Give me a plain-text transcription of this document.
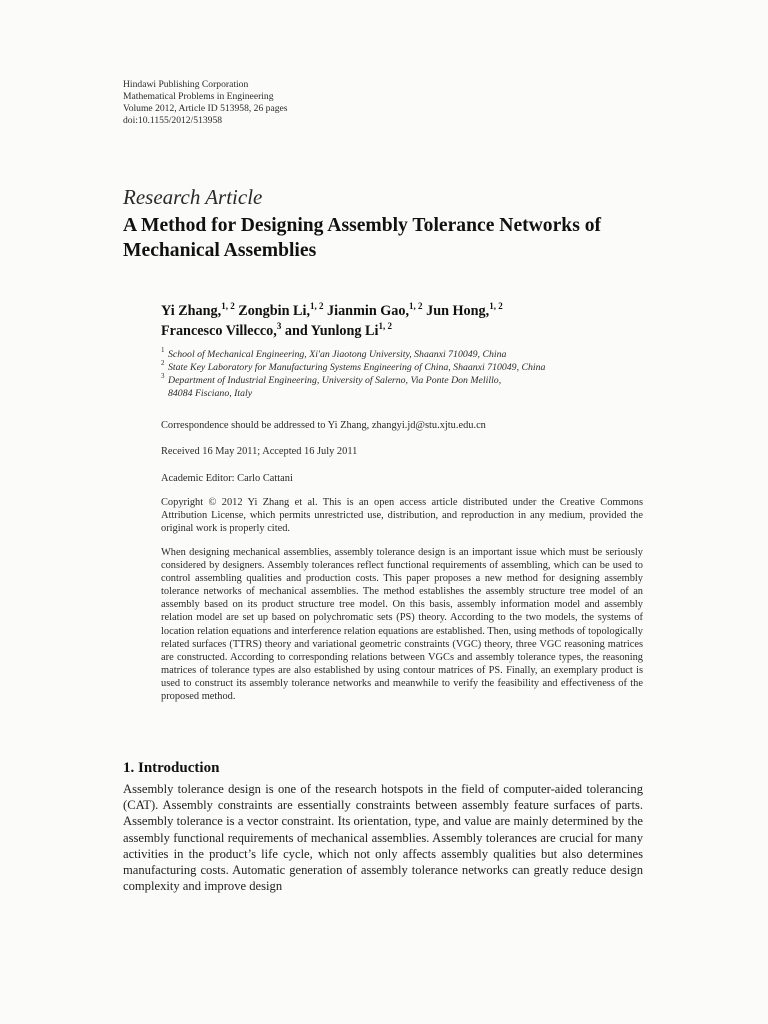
Hindawi Publishing Corporation
Mathematical Problems in Engineering
Volume 2012, Article ID 513958, 26 pages
doi:10.1155/2012/513958
Research Article
A Method for Designing Assembly Tolerance Networks of Mechanical Assemblies
Yi Zhang,$^{1, 2}$ Zongbin Li,$^{1, 2}$ Jianmin Gao,$^{1, 2}$ Jun Hong,$^{1, 2}$
Francesco Villecco,$^3$ and Yunlong Li$^{1, 2}$
1 School of Mechanical Engineering, Xi'an Jiaotong University, Shaanxi 710049, China
2 State Key Laboratory for Manufacturing Systems Engineering of China, Shaanxi 710049, China
3 Department of Industrial Engineering, University of Salerno, Via Ponte Don Melillo,
84084 Fisciano, Italy
Correspondence should be addressed to Yi Zhang, zhangyi.jd@stu.xjtu.edu.cn
Received 16 May 2011; Accepted 16 July 2011
Academic Editor: Carlo Cattani
Copyright © 2012 Yi Zhang et al. This is an open access article distributed under the Creative Commons Attribution License, which permits unrestricted use, distribution, and reproduction in any medium, provided the original work is properly cited.
When designing mechanical assemblies, assembly tolerance design is an important issue which must be seriously considered by designers. Assembly tolerances reflect functional requirements of assembling, which can be used to control assembling qualities and production costs. This paper proposes a new method for designing assembly tolerance networks of mechanical assemblies. The method establishes the assembly structure tree model of an assembly based on its product structure tree model. On this basis, assembly information model and assembly relation model are set up based on polychromatic sets (PS) theory. According to the two models, the systems of location relation equations and interference relation equations are established. Then, using methods of topologically related surfaces (TTRS) theory and variational geometric constraints (VGC) theory, three VGC reasoning matrices are constructed. According to corresponding relations between VGCs and assembly tolerance types, the reasoning matrices of tolerance types are also established by using contour matrices of PS. Finally, an exemplary product is used to construct its assembly tolerance networks and meanwhile to verify the feasibility and effectiveness of the proposed method.
1. Introduction
Assembly tolerance design is one of the research hotspots in the field of computer-aided tolerancing (CAT). Assembly constraints are essentially constraints between assembly feature surfaces of parts. Assembly tolerance is a vector constraint. Its orientation, type, and value are mainly determined by the assembly functional requirements of mechanical assemblies. Assembly tolerances are crucial for many activities in the product’s life cycle, which not only affects assembly qualities but also determines manufacturing costs. Automatic generation of assembly tolerance networks can greatly reduce design complexity and improve design
